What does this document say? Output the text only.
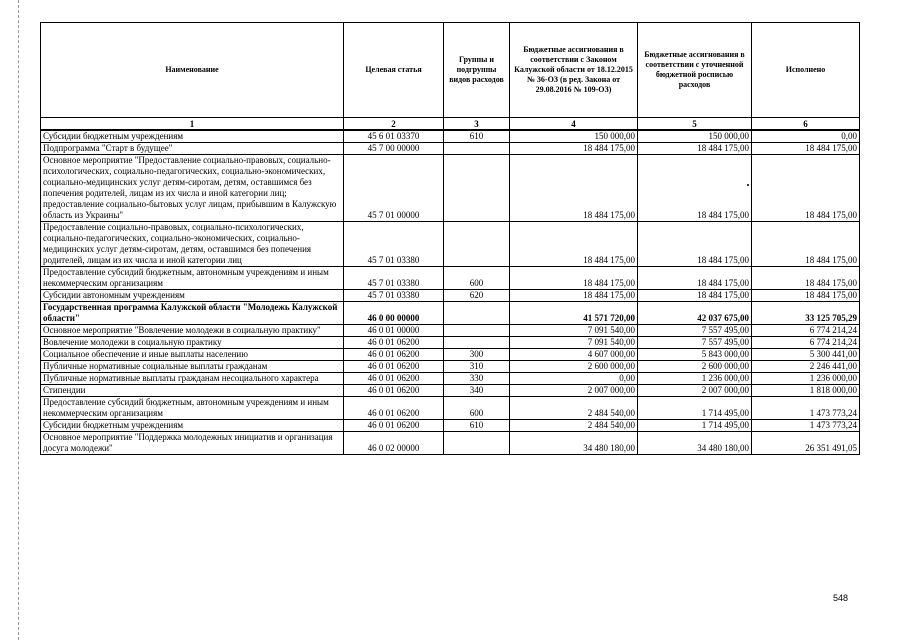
Наименование	Целевая статья	Группы и подгруппы видов расходов	Бюджетные ассигнования в соответствии с Законом Калужской области от 18.12.2015 № 36-ОЗ (в ред. Закона от 29.08.2016 № 109-ОЗ)	Бюджетные ассигнования в соответствии с уточненной бюджетной росписью расходов	Исполнено
1	2	3	4	5	6
Субсидии бюджетным учреждениям	45 6 01 03370	610	150 000,00	150 000,00	0,00
Подпрограмма "Старт в будущее"	45 7 00 00000		18 484 175,00	18 484 175,00	18 484 175,00
Основное мероприятие "Предоставление социально-правовых, социально-психологических, социально-педагогических, социально-экономических, социально-медицинских услуг детям-сиротам, детям, оставшимся без попечения родителей, лицам из их числа и иной категории лиц; предоставление социально-бытовых услуг лицам, прибывшим в Калужскую область из Украины"	45 7 01 00000		18 484 175,00	18 484 175,00	18 484 175,00
Предоставление социально-правовых, социально-психологических, социально-педагогических, социально-экономических, социально-медицинских услуг детям-сиротам, детям, оставшимся без попечения родителей, лицам из их числа и иной категории лиц	45 7 01 03380		18 484 175,00	18 484 175,00	18 484 175,00
Предоставление субсидий бюджетным, автономным учреждениям и иным некоммерческим организациям	45 7 01 03380	600	18 484 175,00	18 484 175,00	18 484 175,00
Субсидии автономным учреждениям	45 7 01 03380	620	18 484 175,00	18 484 175,00	18 484 175,00
Государственная программа Калужской области "Молодежь Калужской области"	46 0 00 00000		41 571 720,00	42 037 675,00	33 125 705,29
Основное мероприятие "Вовлечение молодежи в социальную практику"	46 0 01 00000		7 091 540,00	7 557 495,00	6 774 214,24
Вовлечение молодежи в социальную практику	46 0 01 06200		7 091 540,00	7 557 495,00	6 774 214,24
Социальное обеспечение и иные выплаты населению	46 0 01 06200	300	4 607 000,00	5 843 000,00	5 300 441,00
Публичные нормативные социальные выплаты гражданам	46 0 01 06200	310	2 600 000,00	2 600 000,00	2 246 441,00
Публичные нормативные выплаты гражданам несоциального характера	46 0 01 06200	330	0,00	1 236 000,00	1 236 000,00
Стипендии	46 0 01 06200	340	2 007 000,00	2 007 000,00	1 818 000,00
Предоставление субсидий бюджетным, автономным учреждениям и иным некоммерческим организациям	46 0 01 06200	600	2 484 540,00	1 714 495,00	1 473 773,24
Субсидии бюджетным учреждениям	46 0 01 06200	610	2 484 540,00	1 714 495,00	1 473 773,24
Основное мероприятие "Поддержка молодежных инициатив и организация досуга молодежи"	46 0 02 00000		34 480 180,00	34 480 180,00	26 351 491,05
548
